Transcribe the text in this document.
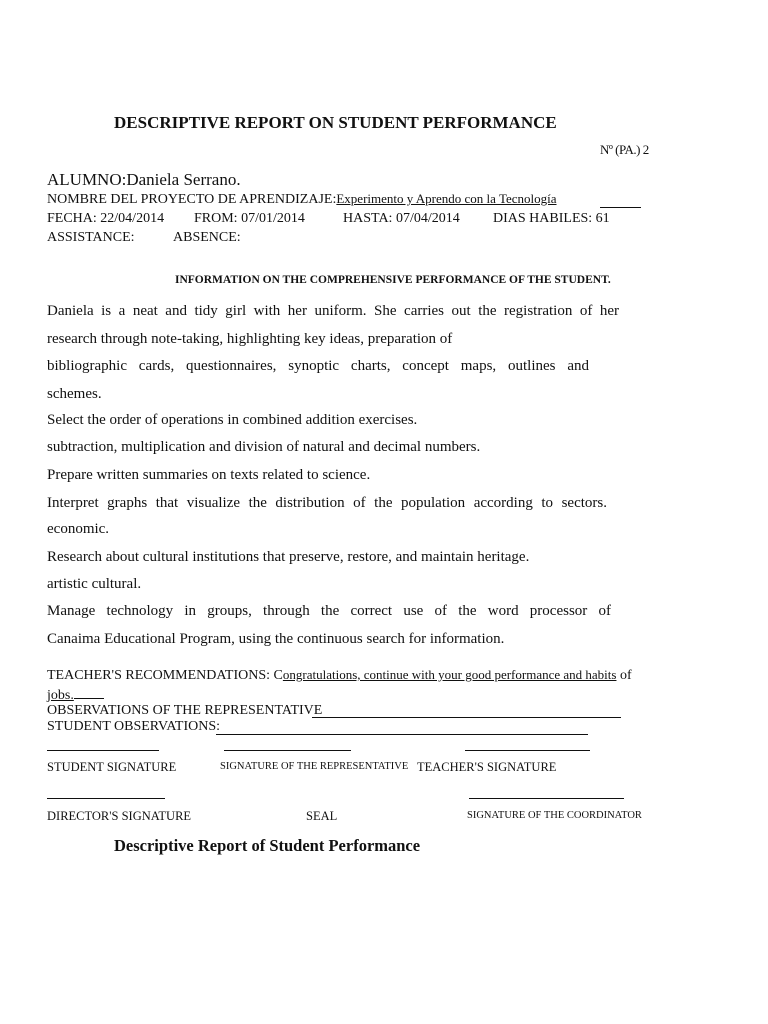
DESCRIPTIVE REPORT ON STUDENT PERFORMANCE
Nº (PA.) 2
ALUMNO:Daniela Serrano.
NOMBRE DEL PROYECTO DE APRENDIZAJE:Experimento y Aprendo con la Tecnología
FECHA: 22/04/2014 FROM: 07/01/2014	HASTA: 07/04/2014 DIAS HABILES: 61
ASSISTANCE:	ABSENCE:
INFORMATION ON THE COMPREHENSIVE PERFORMANCE OF THE STUDENT.
Daniela is a neat and tidy girl with her uniform. She carries out the registration of her
research through note-taking, highlighting key ideas, preparation of
bibliographic cards, questionnaires, synoptic charts, concept maps, outlines and
schemes.
Select the order of operations in combined addition exercises.
subtraction, multiplication and division of natural and decimal numbers.
Prepare written summaries on texts related to science.
Interpret graphs that visualize the distribution of the population according to sectors.
economic.
Research about cultural institutions that preserve, restore, and maintain heritage.
artistic cultural.
Manage technology in groups, through the correct use of the word processor of
Canaima Educational Program, using the continuous search for information.
TEACHER'S RECOMMENDATIONS: Congratulations, continue with your good performance and habits of
jobs.
OBSERVATIONS OF THE REPRESENTATIVE
STUDENT OBSERVATIONS:
STUDENT SIGNATURE	SIGNATURE OF THE REPRESENTATIVE TEACHER'S SIGNATURE
DIRECTOR'S SIGNATURE	SEAL	SIGNATURE OF THE COORDINATOR
Descriptive Report of Student Performance
